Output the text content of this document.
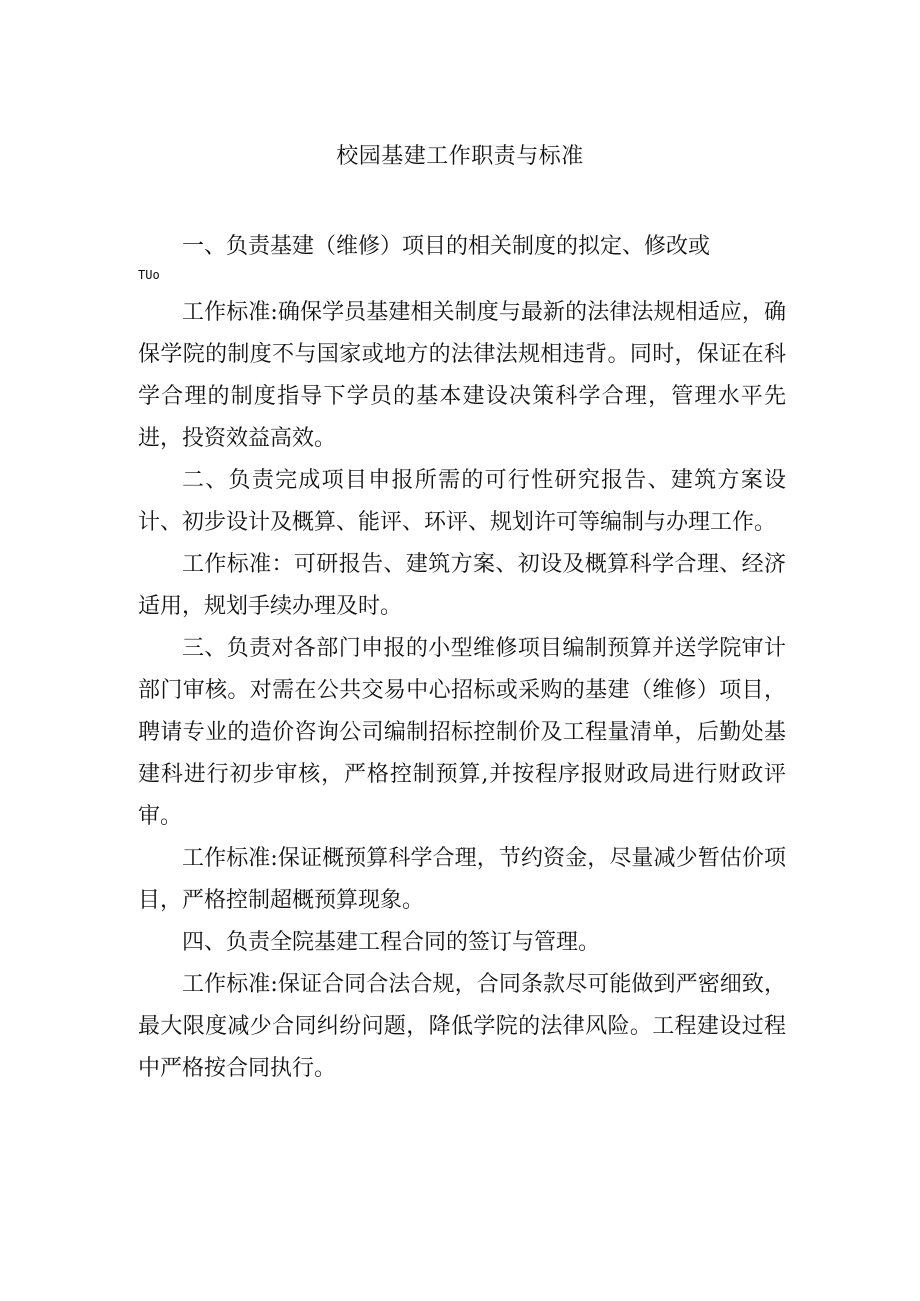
校园基建工作职责与标准

一、负责基建（维修）项目的相关制度的拟定、修改或

TUo

工作标准:确保学员基建相关制度与最新的法律法规相适应，确保学院的制度不与国家或地方的法律法规相违背。同时，保证在科学合理的制度指导下学员的基本建设决策科学合理，管理水平先进，投资效益高效。

二、负责完成项目申报所需的可行性研究报告、建筑方案设计、初步设计及概算、能评、环评、规划许可等编制与办理工作。

工作标准：可研报告、建筑方案、初设及概算科学合理、经济适用，规划手续办理及时。

三、负责对各部门申报的小型维修项目编制预算并送学院审计部门审核。对需在公共交易中心招标或采购的基建（维修）项目，聘请专业的造价咨询公司编制招标控制价及工程量清单，后勤处基建科进行初步审核，严格控制预算,并按程序报财政局进行财政评审。

工作标准:保证概预算科学合理，节约资金，尽量减少暂估价项目，严格控制超概预算现象。

四、负责全院基建工程合同的签订与管理。

工作标准:保证合同合法合规，合同条款尽可能做到严密细致，最大限度减少合同纠纷问题，降低学院的法律风险。工程建设过程中严格按合同执行。
